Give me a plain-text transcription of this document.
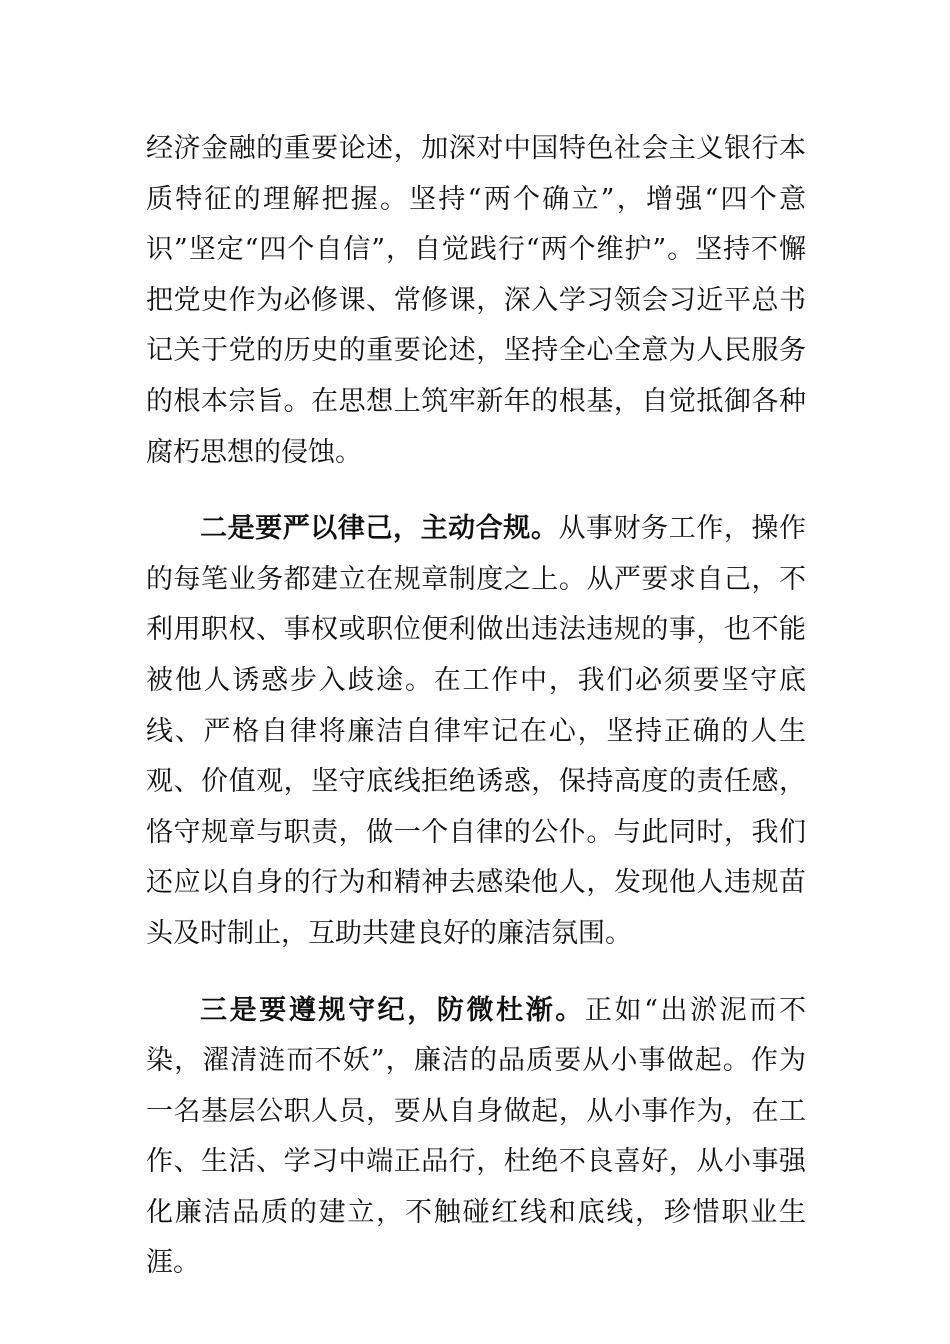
经济金融的重要论述，加深对中国特色社会主义银行本质特征的理解把握。坚持“两个确立”，增强“四个意识”坚定“四个自信”，自觉践行“两个维护”。坚持不懈把党史作为必修课、常修课，深入学习领会习近平总书记关于党的历史的重要论述，坚持全心全意为人民服务的根本宗旨。在思想上筑牢新年的根基，自觉抵御各种腐朽思想的侵蚀。

二是要严以律己，主动合规。从事财务工作，操作的每笔业务都建立在规章制度之上。从严要求自己，不利用职权、事权或职位便利做出违法违规的事，也不能被他人诱惑步入歧途。在工作中，我们必须要坚守底线、严格自律将廉洁自律牢记在心，坚持正确的人生观、价值观，坚守底线拒绝诱惑，保持高度的责任感，恪守规章与职责，做一个自律的公仆。与此同时，我们还应以自身的行为和精神去感染他人，发现他人违规苗头及时制止，互助共建良好的廉洁氛围。

三是要遵规守纪，防微杜渐。正如“出淤泥而不染，濯清涟而不妖”，廉洁的品质要从小事做起。作为一名基层公职人员，要从自身做起，从小事作为，在工作、生活、学习中端正品行，杜绝不良喜好，从小事强化廉洁品质的建立，不触碰红线和底线，珍惜职业生涯。
